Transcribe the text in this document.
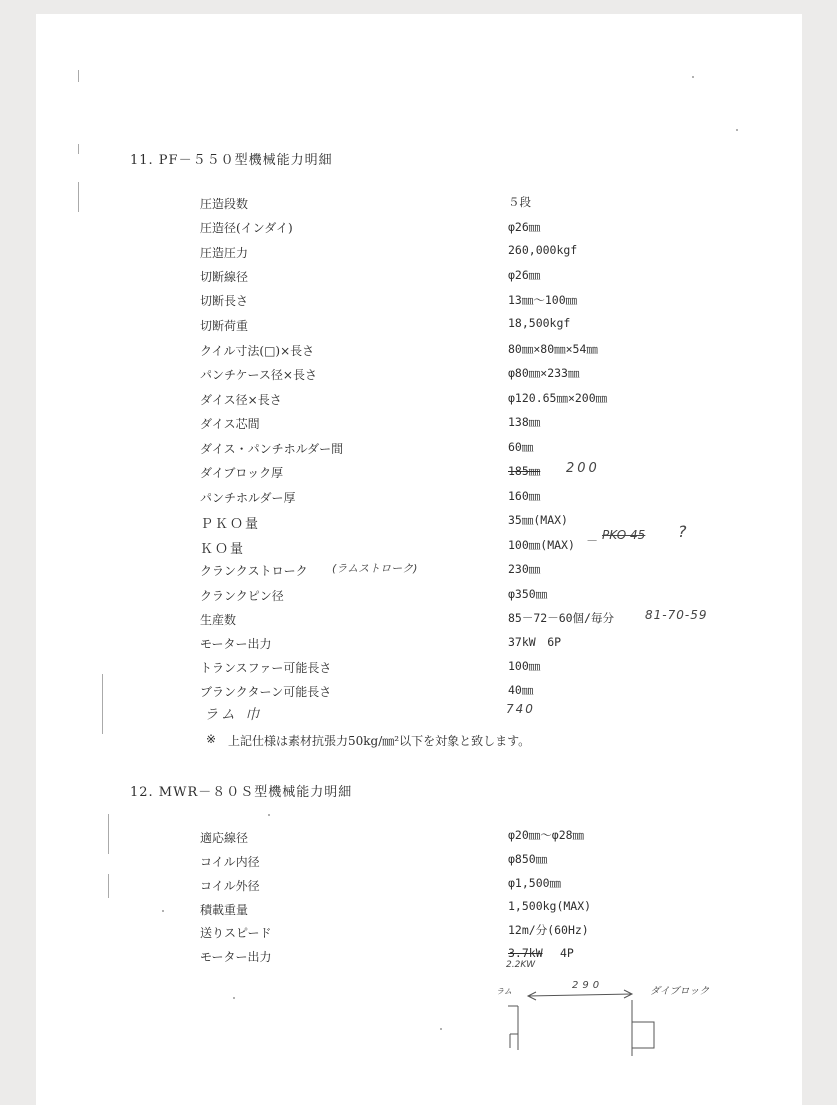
11. PF－５５０型機械能力明細
圧造段数	５段
圧造径(インダイ)	φ26㎜
圧造圧力	260,000kgf
切断線径	φ26㎜
切断長さ	13㎜～100㎜
切断荷重	18,500kgf
クイル寸法(□)×長さ	80㎜×80㎜×54㎜
パンチケース径×長さ	φ80㎜×233㎜
ダイス径×長さ	φ120.65㎜×200㎜
ダイス芯間	138㎜
ダイス・パンチホルダー間	60㎜
ダイブロック厚	185㎜ 200
パンチホルダー厚	160㎜
ＰＫＯ量	35㎜(MAX)
ＫＯ量	100㎜(MAX) － PKO 45 ?
クランクストローク (ラムストローク)	230㎜
クランクピン径	φ350㎜
生産数	85－72－60個/毎分	81-70-59
モーター出力	37kW　6P
トランスファー可能長さ	100㎜
ブランクターン可能長さ	40㎜
ラム 巾	740
※ 上記仕様は素材抗張力50kg/㎜²以下を対象と致します。
12. MWR－８０Ｓ型機械能力明細
適応線径	φ20㎜～φ28㎜
コイル内径	φ850㎜
コイル外径	φ1,500㎜
積載重量	1,500kg(MAX)
送りスピード	12m/分(60Hz)
モーター出力	3.7kW 4P
2.2KW
ラム
290
ダイブロック
